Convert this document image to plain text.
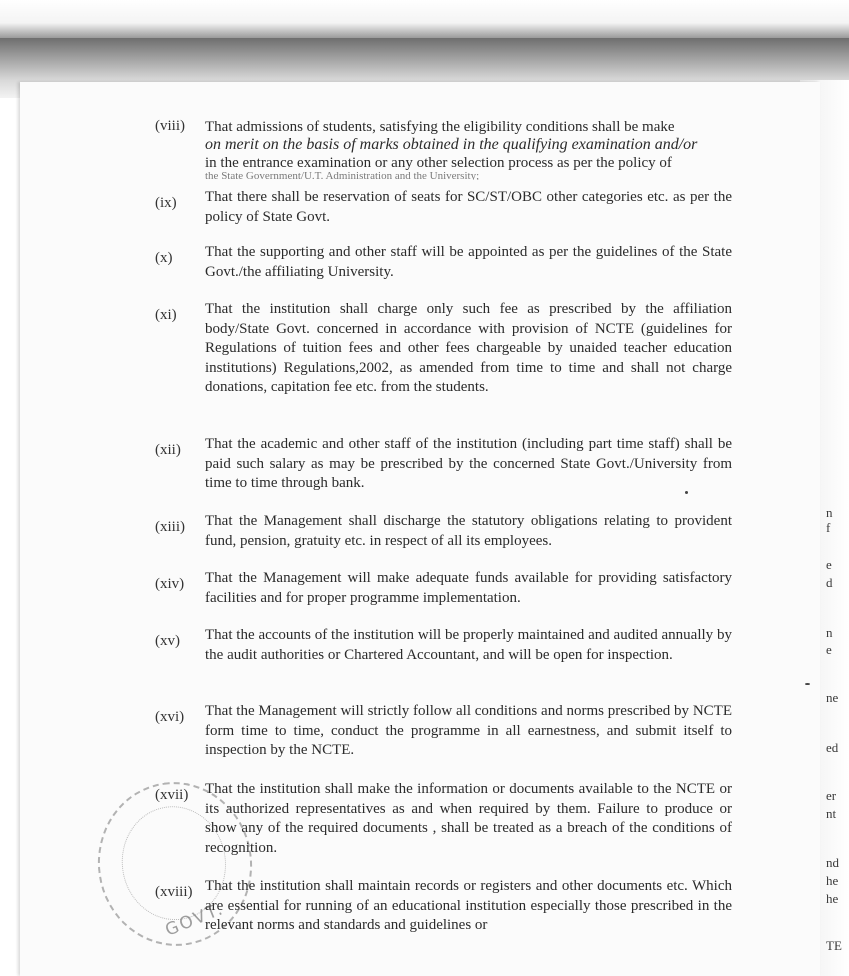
n
f
e
d
n
e
ne
ed
er
nt
nd
he
he
TE
(viii) That admissions of students, satisfying the eligibility conditions shall be make
on merit on the basis of marks obtained in the qualifying examination and/or
in the entrance examination or any other selection process as per the policy of
the State Government/U.T. Administration and the University;
(ix) That there shall be reservation of seats for SC/ST/OBC other categories etc. as per the policy of State Govt.
(x) That the supporting and other staff will be appointed as per the guidelines of the State Govt./the affiliating University.
(xi) That the institution shall charge only such fee as prescribed by the affiliation body/State Govt. concerned in accordance with provision of NCTE (guidelines for Regulations of tuition fees and other fees chargeable by unaided teacher education institutions) Regulations,2002, as amended from time to time and shall not charge donations, capitation fee etc. from the students.
(xii) That the academic and other staff of the institution (including part time staff) shall be paid such salary as may be prescribed by the concerned State Govt./University from time to time through bank.
(xiii) That the Management shall discharge the statutory obligations relating to provident fund, pension, gratuity etc. in respect of all its employees.
(xiv) That the Management will make adequate funds available for providing satisfactory facilities and for proper programme implementation.
(xv) That the accounts of the institution will be properly maintained and audited annually by the audit authorities or Chartered Accountant, and will be open for inspection.
(xvi) That the Management will strictly follow all conditions and norms prescribed by NCTE form time to time, conduct the programme in all earnestness, and submit itself to inspection by the NCTE.
(xvii) That the institution shall make the information or documents available to the NCTE or its authorized representatives as and when required by them. Failure to produce or show any of the required documents , shall be treated as a breach of the conditions of recognition.
(xviii) That the institution shall maintain records or registers and other documents etc. Which are essential for running of an educational institution especially those prescribed in the relevant norms and standards and guidelines or
GOVT.
